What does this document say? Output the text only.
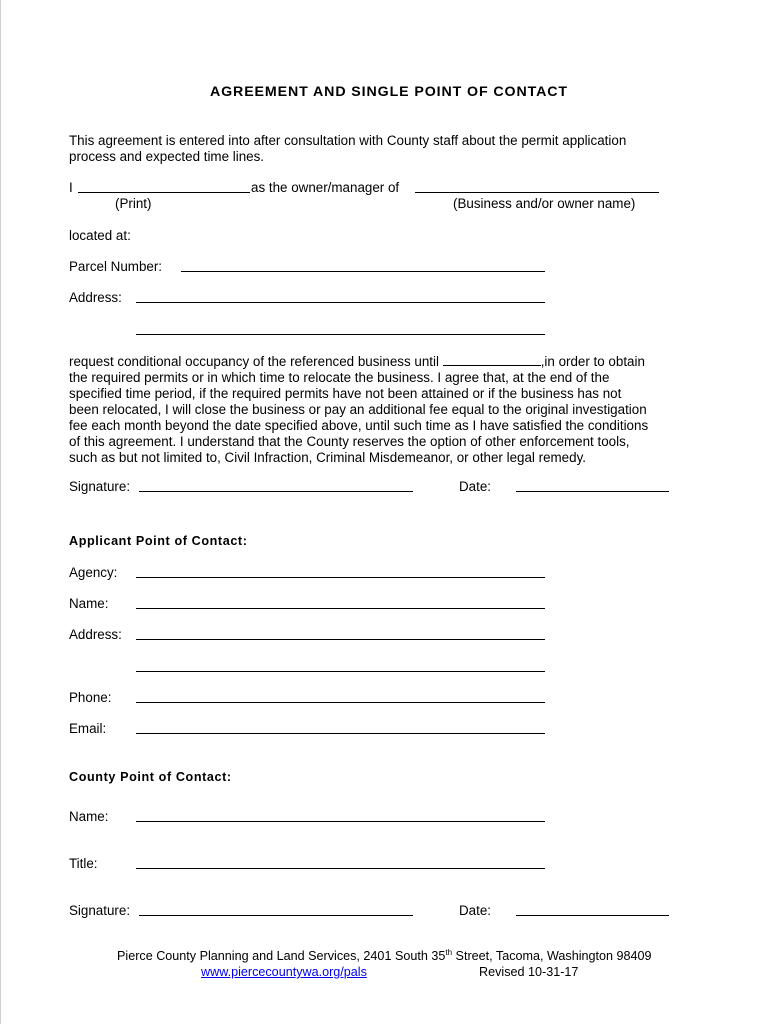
AGREEMENT AND SINGLE POINT OF CONTACT

This agreement is entered into after consultation with County staff about the permit application

process and expected time lines.

I	as the owner/manager of
(Print)	(Business and/or owner name)
located at:
Parcel Number:
Address:

request conditional occupancy of the referenced business until	,in order to obtain

the required permits or in which time to relocate the business. I agree that, at the end of the

specified time period, if the required permits have not been attained or if the business has not

been relocated, I will close the business or pay an additional fee equal to the original investigation

fee each month beyond the date specified above, until such time as I have satisfied the conditions

of this agreement. I understand that the County reserves the option of other enforcement tools,

such as but not limited to, Civil Infraction, Criminal Misdemeanor, or other legal remedy.

Signature:	Date:
Applicant Point of Contact:
Agency:
Name:
Address:
Phone:
Email:
County Point of Contact:
Name:
Title:
Signature:	Date:
Pierce County Planning and Land Services, 2401 South 35th Street, Tacoma, Washington 98409
www.piercecountywa.org/pals	Revised 10-31-17
